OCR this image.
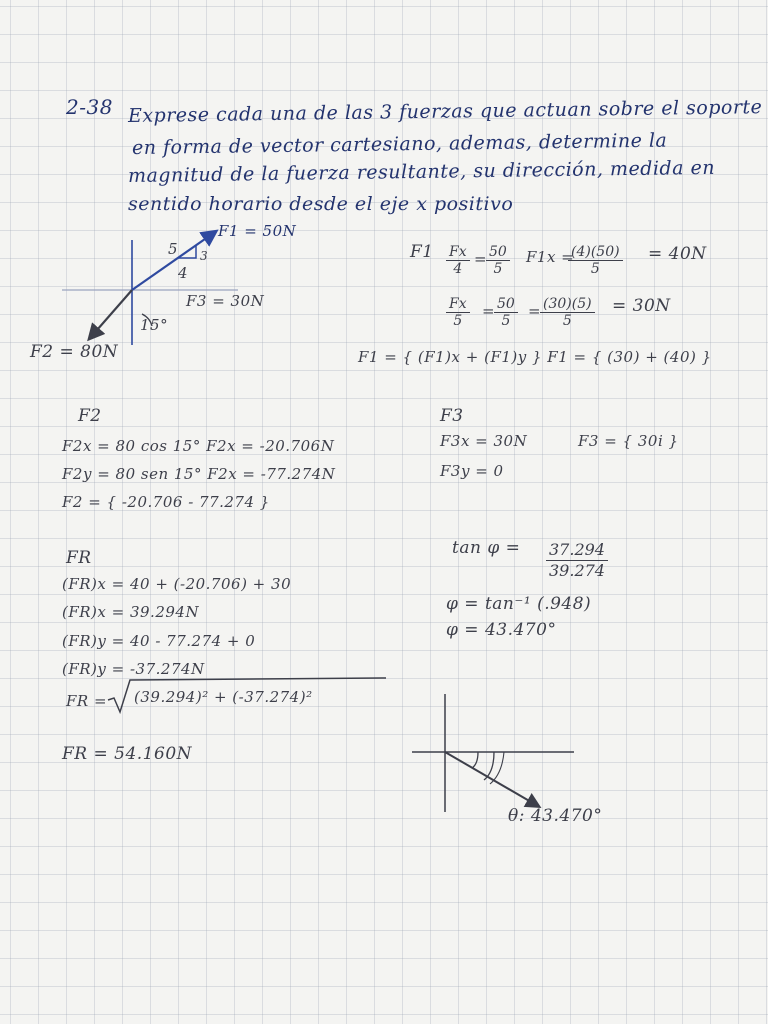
2-38 Exprese cada una de las 3 fuerzas que actuan sobre el soporte
en forma de vector cartesiano, ademas, determine la
magnitud de la fuerza resultante, su dirección, medida en
sentido horario desde el eje x positivo
F1 = 50N
5 3
4
F3 = 30N
15°
F2 = 80N
$F1 \frac{Fx}{4}$ =
$\frac{50}{5} F1x$ =
$\frac{(4)(50)}{5} = 40N$
$\frac{Fx}{5}$ =
$\frac{50}{5}$ =
$\frac{(30)(5)}{5} = 30N$
F1 = { (F1)x + (F1)y } F1 = { (30) + (40) }
F2
F2x = 80 cos 15° F2x = -20.706N
F2y = 80 sen 15° F2x = -77.274N
F2 = { -20.706 - 77.274 }
F3
F3x = 30N	F3 = { 30i }
F3y = 0
FR
(FR)x = 40 + (-20.706) + 30
(FR)x = 39.294N
(FR)y = 40 - 77.274 + 0
(FR)y = -37.274N
FR = (39.294)² + (-37.274)²
FR = 54.160N
$\tan \varphi = \frac{37.294}{39.274}$
φ = tan⁻¹ (.948)
φ = 43.470°
θ: 43.470°
